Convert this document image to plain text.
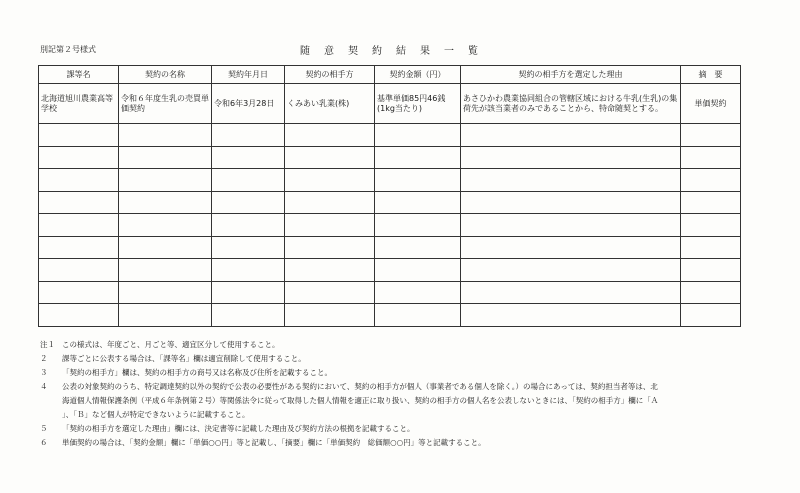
別記第２号様式	随意契約結果一覧
課等名	契約の名称	契約年月日	契約の相手方	契約金額（円）	契約の相手方を選定した理由	摘　要
北海道旭川農業高等学校	令和６年度生乳の売買単価契約	令和6年3月28日	くみあい乳業(株)	基準単価85円46銭(1kg当たり)	あさひかわ農業協同組合の管轄区域における牛乳(生乳)の集荷先が該当業者のみであることから、特命随契とする。	単価契約

注１ この様式は、年度ごと、月ごと等、適宜区分して使用すること。
２	課等ごとに公表する場合は、「課等名」欄は適宜削除して使用すること。
３	「契約の相手方」欄は、契約の相手方の商号又は名称及び住所を記載すること。
４	公表の対象契約のうち、特定調達契約以外の契約で公表の必要性がある契約において、契約の相手方が個人（事業者である個人を除く。）の場合にあっては、契約担当者等は、北
海道個人情報保護条例（平成６年条例第２号）等関係法令に従って取得した個人情報を適正に取り扱い、契約の相手方の個人名を公表しないときには、「契約の相手方」欄に「Ａ
」、「Ｂ」など個人が特定できないように記載すること。
５	「契約の相手方を選定した理由」欄には、決定書等に記載した理由及び契約方法の根拠を記載すること。
６	単価契約の場合は、「契約金額」欄に「単価○○円」等と記載し、「摘要」欄に「単価契約　総価額○○円」等と記載すること。
